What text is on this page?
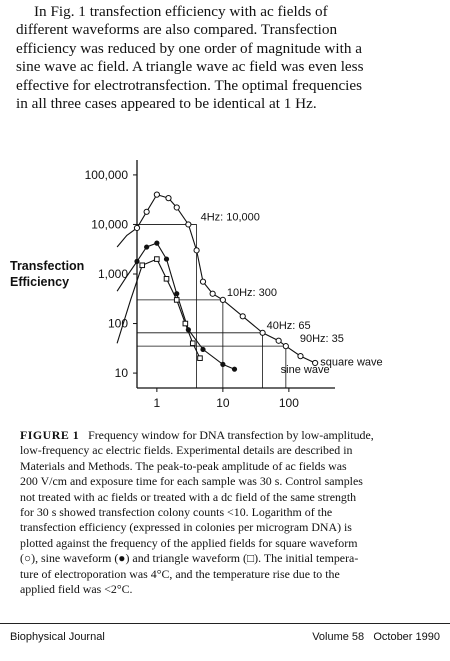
In Fig. 1 transfection efficiency with ac fields of
different waveforms are also compared. Transfection
efficiency was reduced by one order of magnitude with a
sine wave ac field. A triangle wave ac field was even less
effective for electrotransfection. The optimal frequencies
in all three cases appeared to be identical at 1 Hz.
1	10	100
10
100
1,000
10,000
100,000
Transfection
Efficiency
4Hz: 10,000
10Hz: 300
40Hz: 65
90Hz: 35
square wave
sine wave
FIGURE 1 Frequency window for DNA transfection by low-amplitude,
low-frequency ac electric fields. Experimental details are described in
Materials and Methods. The peak-to-peak amplitude of ac fields was
200 V/cm and exposure time for each sample was 30 s. Control samples
not treated with ac fields or treated with a dc field of the same strength
for 30 s showed transfection colony counts <10. Logarithm of the
transfection efficiency (expressed in colonies per microgram DNA) is
plotted against the frequency of the applied fields for square waveform
(○), sine waveform (●) and triangle waveform (□). The initial tempera-
ture of electroporation was 4°C, and the temperature rise due to the
applied field was <2°C.
Biophysical Journal	Volume 58   October 1990
